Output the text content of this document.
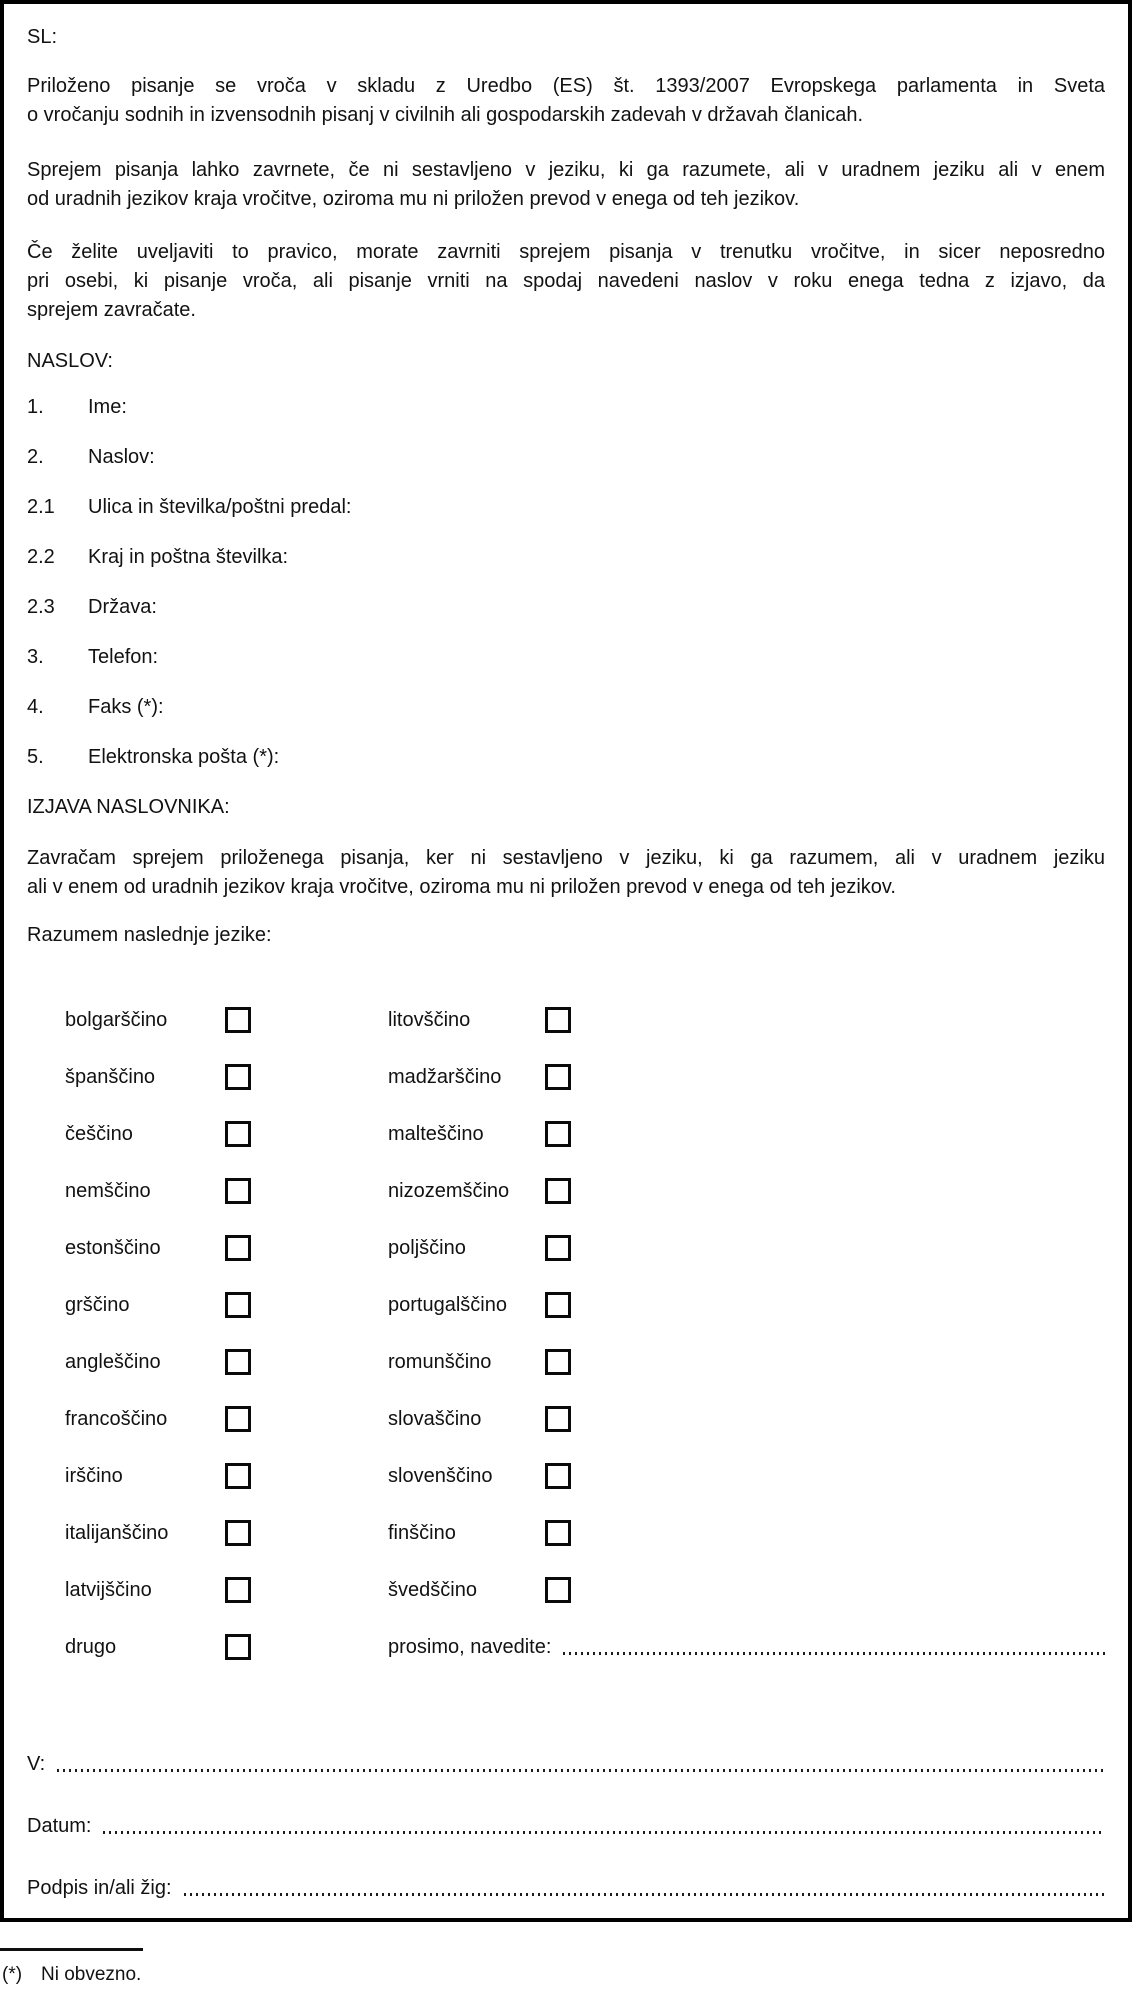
SL:
Priloženo pisanje se vroča v skladu z Uredbo (ES) št. 1393/2007 Evropskega parlamenta in Sveta
o vročanju sodnih in izvensodnih pisanj v civilnih ali gospodarskih zadevah v državah članicah.
Sprejem pisanja lahko zavrnete, če ni sestavljeno v jeziku, ki ga razumete, ali v uradnem jeziku ali v enem
od uradnih jezikov kraja vročitve, oziroma mu ni priložen prevod v enega od teh jezikov.
Če želite uveljaviti to pravico, morate zavrniti sprejem pisanja v trenutku vročitve, in sicer neposredno
pri osebi, ki pisanje vroča, ali pisanje vrniti na spodaj navedeni naslov v roku enega tedna z izjavo, da
sprejem zavračate.
NASLOV:
1.	Ime:
2.	Naslov:
2.1	Ulica in številka/poštni predal:
2.2	Kraj in poštna številka:
2.3	Država:
3.	Telefon:
4.	Faks (*):
5.	Elektronska pošta (*):
IZJAVA NASLOVNIKA:
Zavračam sprejem priloženega pisanja, ker ni sestavljeno v jeziku, ki ga razumem, ali v uradnem jeziku
ali v enem od uradnih jezikov kraja vročitve, oziroma mu ni priložen prevod v enega od teh jezikov.
Razumem naslednje jezike:
bolgarščino	litovščino
španščino	madžarščino
češčino	malteščino
nemščino	nizozemščino
estonščino	poljščino
grščino	portugalščino
angleščino	romunščino
francoščino	slovaščino
irščino	slovenščino
italijanščino	finščino
latvijščino	švedščino
drugo	prosimo, navedite:
V:
Datum:
Podpis in/ali žig:
(*) Ni obvezno.
